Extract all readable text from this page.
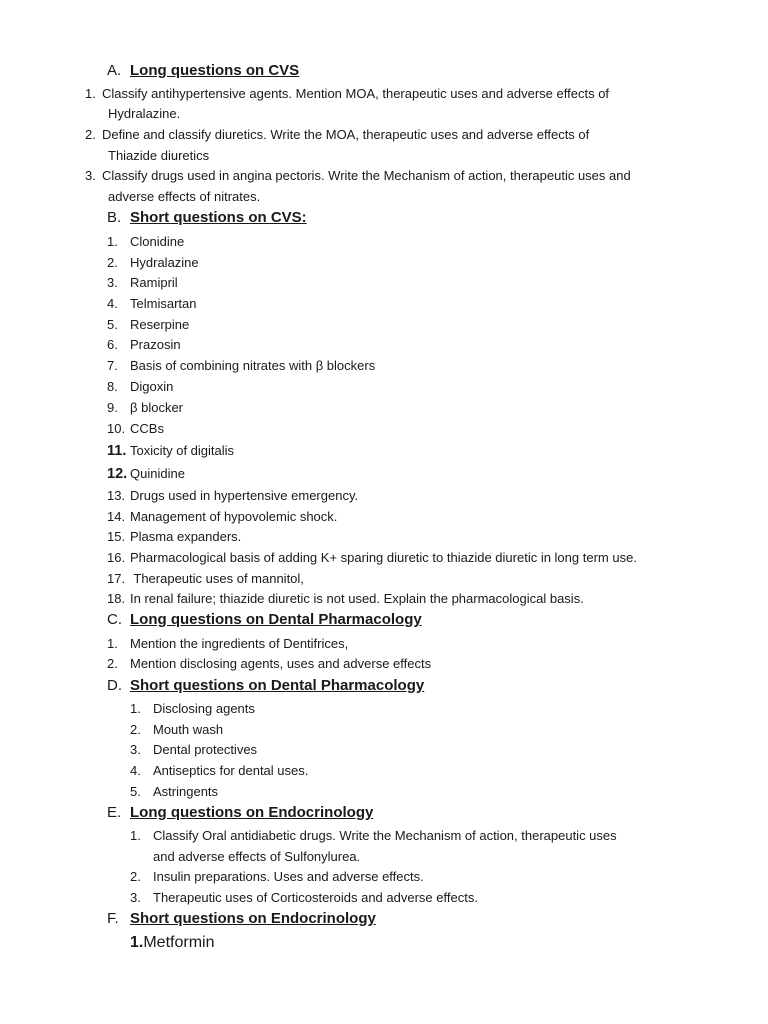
A. Long questions on CVS
1. Classify antihypertensive agents. Mention MOA, therapeutic uses and adverse effects of
Hydralazine.
2. Define and classify diuretics. Write the MOA, therapeutic uses and adverse effects of
Thiazide diuretics
3. Classify drugs used in angina pectoris. Write the Mechanism of action, therapeutic uses and
adverse effects of nitrates.
B. Short questions on CVS:
1. Clonidine
2. Hydralazine
3. Ramipril
4. Telmisartan
5. Reserpine
6. Prazosin
7. Basis of combining nitrates with β blockers
8. Digoxin
9. β blocker
10. CCBs
11. Toxicity of digitalis
12. Quinidine
13. Drugs used in hypertensive emergency.
14. Management of hypovolemic shock.
15. Plasma expanders.
16. Pharmacological basis of adding K+ sparing diuretic to thiazide diuretic in long term use.
17. Therapeutic uses of mannitol,
18. In renal failure; thiazide diuretic is not used. Explain the pharmacological basis.
C. Long questions on Dental Pharmacology
1. Mention the ingredients of Dentifrices,
2. Mention disclosing agents, uses and adverse effects
D. Short questions on Dental Pharmacology
1. Disclosing agents
2. Mouth wash
3. Dental protectives
4. Antiseptics for dental uses.
5. Astringents
E. Long questions on Endocrinology
1. Classify Oral antidiabetic drugs. Write the Mechanism of action, therapeutic uses
and adverse effects of Sulfonylurea.
2. Insulin preparations. Uses and adverse effects.
3. Therapeutic uses of Corticosteroids and adverse effects.
F. Short questions on Endocrinology
1.Metformin
